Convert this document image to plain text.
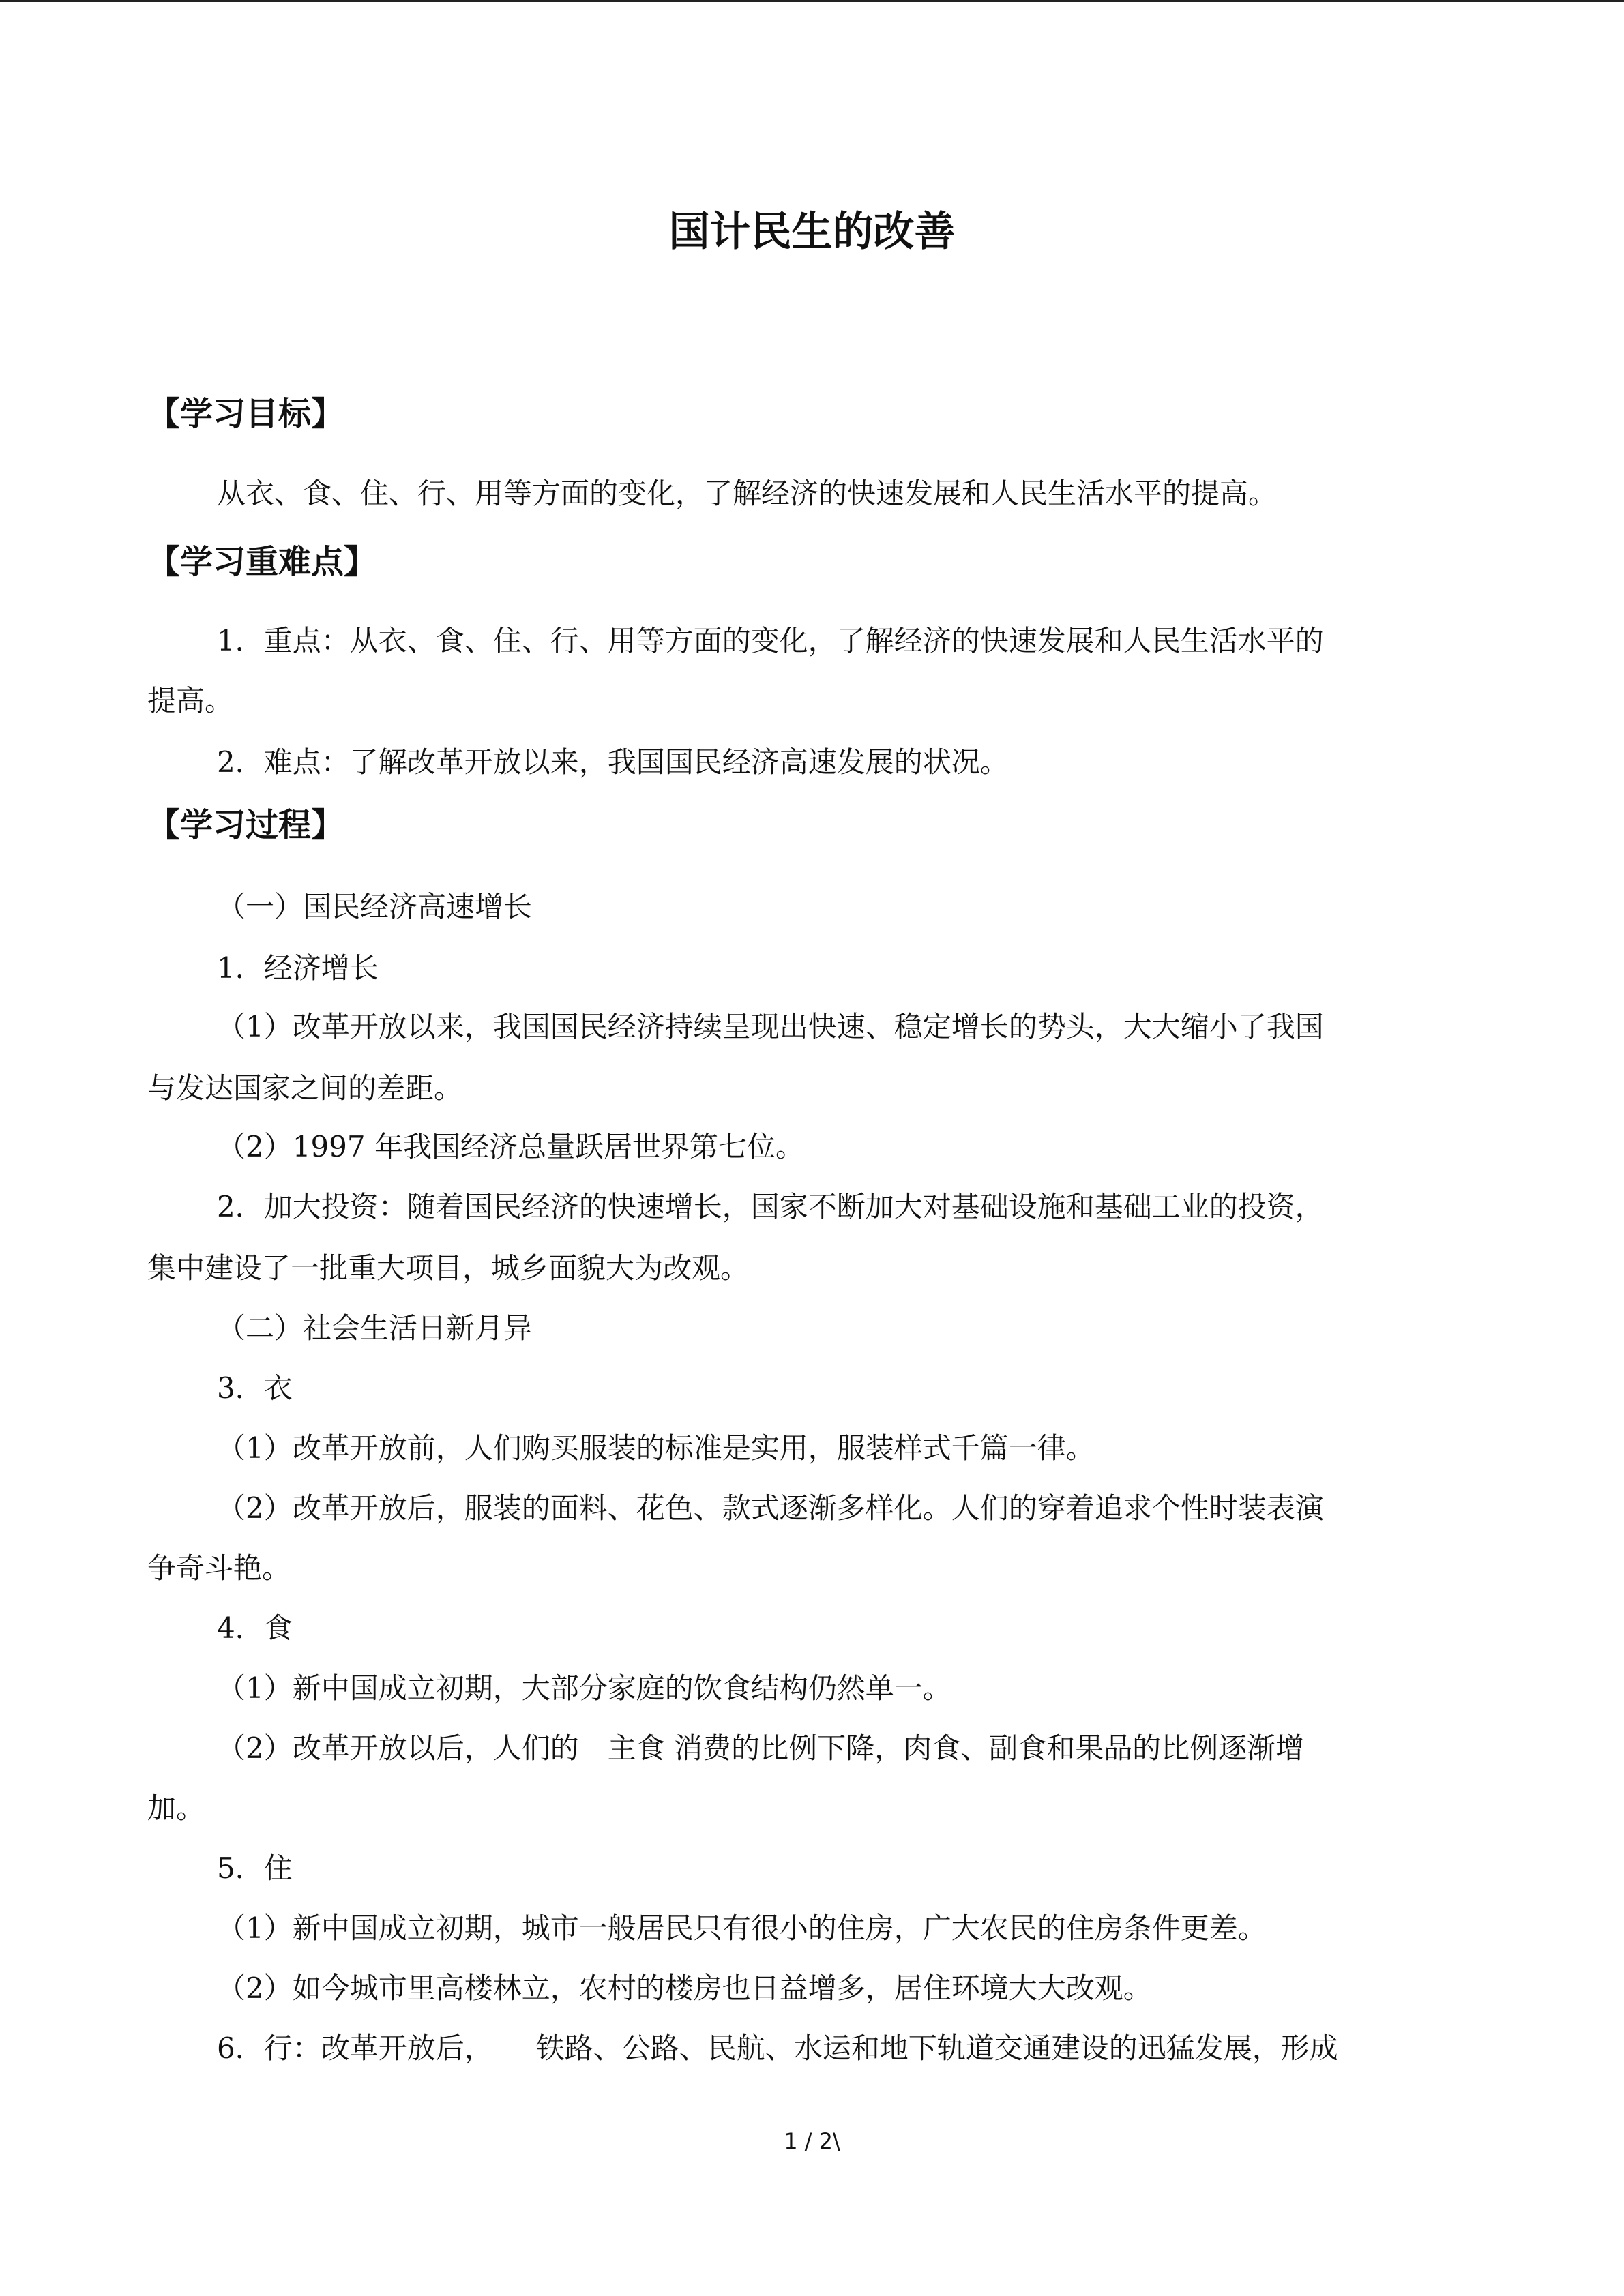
国计民生的改善
【学习目标】
从衣、食、住、行、用等方面的变化，了解经济的快速发展和人民生活水平的提高。
【学习重难点】
1．重点：从衣、食、住、行、用等方面的变化，了解经济的快速发展和人民生活水平的
提高。
2．难点：了解改革开放以来，我国国民经济高速发展的状况。
【学习过程】
（一）国民经济高速增长
1．经济增长
（1）改革开放以来，我国国民经济持续呈现出快速、稳定增长的势头，大大缩小了我国
与发达国家之间的差距。
（2）1997 年我国经济总量跃居世界第七位。
2．加大投资：随着国民经济的快速增长，国家不断加大对基础设施和基础工业的投资，
集中建设了一批重大项目，城乡面貌大为改观。
（二）社会生活日新月异
3．衣
（1）改革开放前，人们购买服装的标准是实用，服装样式千篇一律。
（2）改革开放后，服装的面料、花色、款式逐渐多样化。人们的穿着追求个性时装表演
争奇斗艳。
4．食
（1）新中国成立初期，大部分家庭的饮食结构仍然单一。
（2）改革开放以后，人们的　主食 消费的比例下降，肉食、副食和果品的比例逐渐增
加。
5．住
（1）新中国成立初期，城市一般居民只有很小的住房，广大农民的住房条件更差。
（2）如今城市里高楼林立，农村的楼房也日益增多，居住环境大大改观。
6．行：改革开放后，　　铁路、公路、民航、水运和地下轨道交通建设的迅猛发展，形成
1 / 2\
